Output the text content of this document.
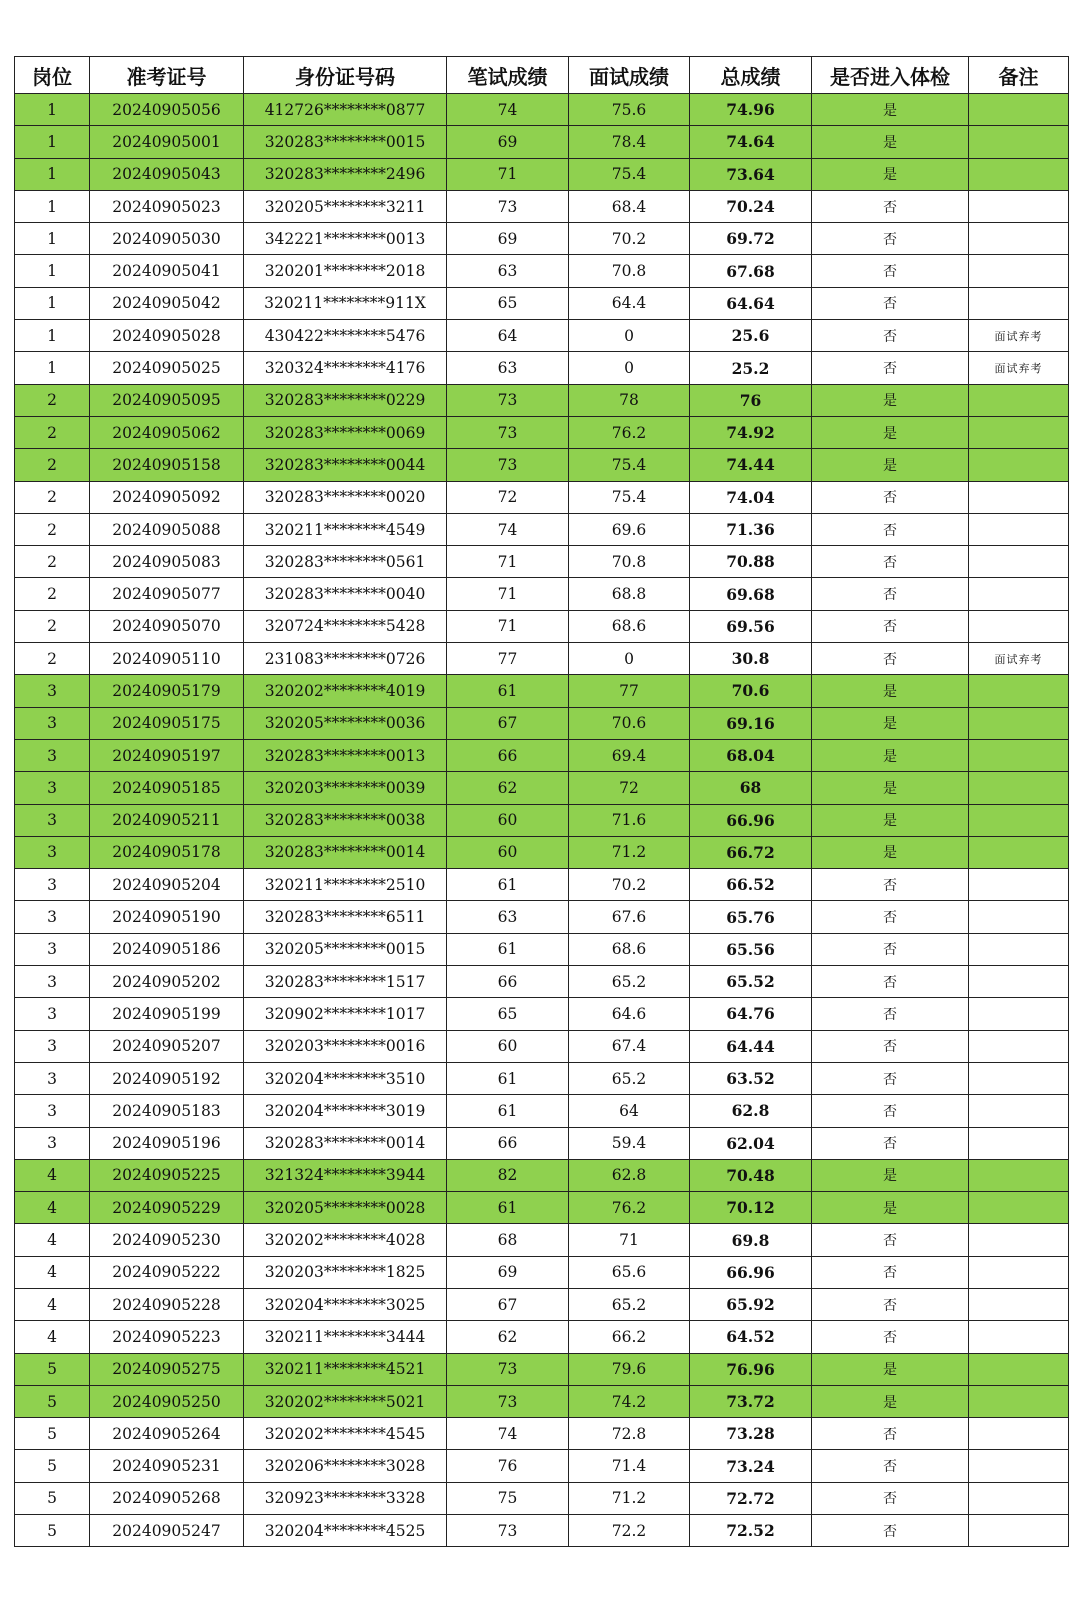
岗位	准考证号	身份证号码	笔试成绩	面试成绩	总成绩	是否进入体检	备注
1	20240905056	412726********0877	74	75.6	74.96	是	
1	20240905001	320283********0015	69	78.4	74.64	是	
1	20240905043	320283********2496	71	75.4	73.64	是	
1	20240905023	320205********3211	73	68.4	70.24	否	
1	20240905030	342221********0013	69	70.2	69.72	否	
1	20240905041	320201********2018	63	70.8	67.68	否	
1	20240905042	320211********911X	65	64.4	64.64	否	
1	20240905028	430422********5476	64	0	25.6	否	面试弃考
1	20240905025	320324********4176	63	0	25.2	否	面试弃考
2	20240905095	320283********0229	73	78	76	是	
2	20240905062	320283********0069	73	76.2	74.92	是	
2	20240905158	320283********0044	73	75.4	74.44	是	
2	20240905092	320283********0020	72	75.4	74.04	否	
2	20240905088	320211********4549	74	69.6	71.36	否	
2	20240905083	320283********0561	71	70.8	70.88	否	
2	20240905077	320283********0040	71	68.8	69.68	否	
2	20240905070	320724********5428	71	68.6	69.56	否	
2	20240905110	231083********0726	77	0	30.8	否	面试弃考
3	20240905179	320202********4019	61	77	70.6	是	
3	20240905175	320205********0036	67	70.6	69.16	是	
3	20240905197	320283********0013	66	69.4	68.04	是	
3	20240905185	320203********0039	62	72	68	是	
3	20240905211	320283********0038	60	71.6	66.96	是	
3	20240905178	320283********0014	60	71.2	66.72	是	
3	20240905204	320211********2510	61	70.2	66.52	否	
3	20240905190	320283********6511	63	67.6	65.76	否	
3	20240905186	320205********0015	61	68.6	65.56	否	
3	20240905202	320283********1517	66	65.2	65.52	否	
3	20240905199	320902********1017	65	64.6	64.76	否	
3	20240905207	320203********0016	60	67.4	64.44	否	
3	20240905192	320204********3510	61	65.2	63.52	否	
3	20240905183	320204********3019	61	64	62.8	否	
3	20240905196	320283********0014	66	59.4	62.04	否	
4	20240905225	321324********3944	82	62.8	70.48	是	
4	20240905229	320205********0028	61	76.2	70.12	是	
4	20240905230	320202********4028	68	71	69.8	否	
4	20240905222	320203********1825	69	65.6	66.96	否	
4	20240905228	320204********3025	67	65.2	65.92	否	
4	20240905223	320211********3444	62	66.2	64.52	否	
5	20240905275	320211********4521	73	79.6	76.96	是	
5	20240905250	320202********5021	73	74.2	73.72	是	
5	20240905264	320202********4545	74	72.8	73.28	否	
5	20240905231	320206********3028	76	71.4	73.24	否	
5	20240905268	320923********3328	75	71.2	72.72	否	
5	20240905247	320204********4525	73	72.2	72.52	否	
